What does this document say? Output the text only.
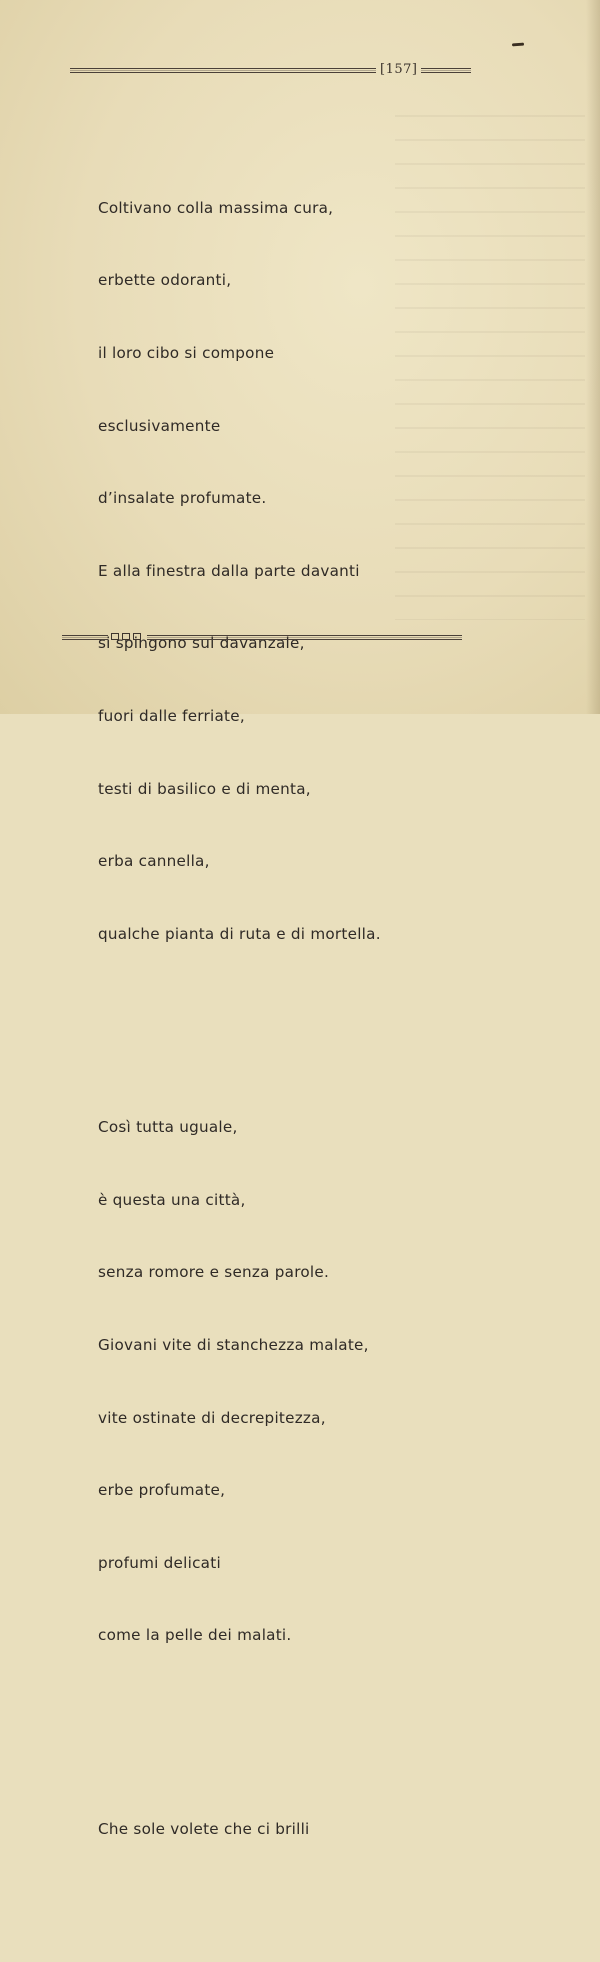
[157]

Coltivano colla massima cura,

erbette odoranti,

il loro cibo si compone

esclusivamente

d’insalate profumate.

E alla finestra dalla parte davanti

si spingono sul davanzale,

fuori dalle ferriate,

testi di basilico e di menta,

erba cannella,

qualche pianta di ruta e di mortella.

Così tutta uguale,

è questa una città,

senza romore e senza parole.

Giovani vite di stanchezza malate,

vite ostinate di decrepitezza,

erbe profumate,

profumi delicati

come la pelle dei malati.

Che sole volete che ci brilli
